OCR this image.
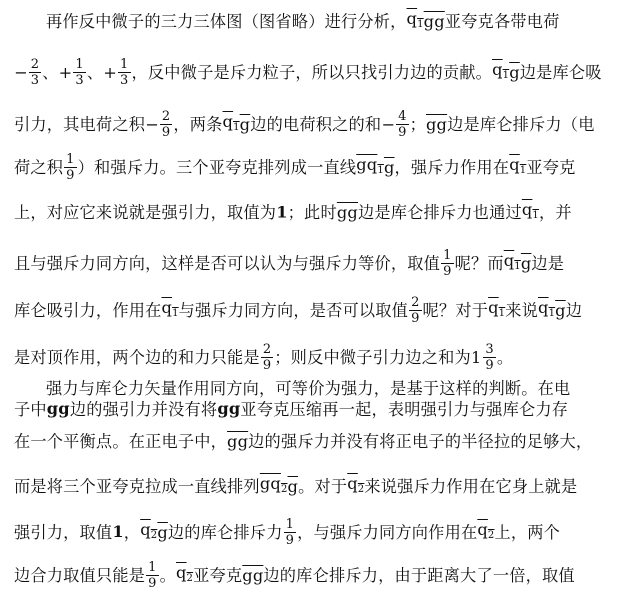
再作反中微子的三力三体图（图省略）进行分析，$q_1\overline{gg}$亚夸克各带电荷
− $\frac{2}{3}$ 、+ $\frac{1}{3}$ 、+ $\frac{1}{3}$ ，反中微子是斥力粒子，所以只找引力边的贡献。$q_1\overline{g}$边是库仑吸
引力，其电荷之积− $\frac{2}{9}$ ，两条$q_1\overline{g}$边的电荷积之的和− $\frac{4}{9}$ ；$\overline{gg}$边是库仑排斥力（电
荷之积 $\frac{1}{9}$ ）和强斥力。三个亚夸克排列成一直线$gq_1\overline{g}$，强斥力作用在$q_1$亚夸克
上，对应它来说就是强引力，取值为1；此时$\overline{gg}$边是库仑排斥力也通过$q_1$，并
且与强斥力同方向，这样是否可以认为与强斥力等价，取值 $\frac{1}{9}$ 呢？而$q_1\overline{g}$边是
库仑吸引力，作用在$q_1$与强斥力同方向，是否可以取值 $\frac{2}{9}$ 呢？对于$q_1$来说$q_1\overline{g}$边
是对顶作用，两个边的和力只能是 $\frac{2}{9}$ ；则反中微子引力边之和为 $1 \frac{3}{9}$ 。
强力与库仑力矢量作用同方向，可等价为强力，是基于这样的判断。在电
子中gg边的强引力并没有将gg亚夸克压缩再一起，表明强引力与强库仑力存
在一个平衡点。在正电子中，$\overline{gg}$边的强斥力并没有将正电子的半径拉的足够大，
而是将三个亚夸克拉成一直线排列$gq_2\overline{g}$。对于$q_2$来说强斥力作用在它身上就是
强引力，取值1，$q_2\overline{g}$边的库仑排斥力 $\frac{1}{9}$ ，与强斥力同方向作用在$q_2$上，两个
边合力取值只能是 $\frac{1}{9}$ 。$q_2$亚夸克$\overline{gg}$边的库仑排斥力，由于距离大了一倍，取值
